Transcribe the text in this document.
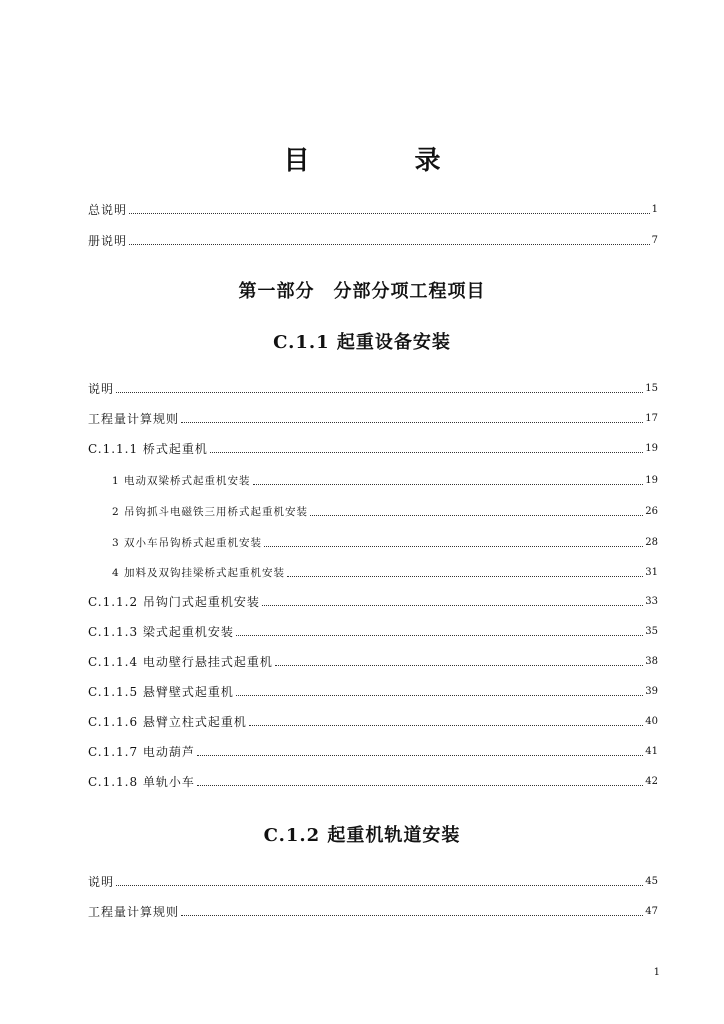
目 录
总说明	1
册说明	7
第一部分　分部分项工程项目
C.1.1 起重设备安装
说明	15
工程量计算规则	17
C.1.1.1 桥式起重机	19
1 电动双梁桥式起重机安装	19
2 吊钩抓斗电磁铁三用桥式起重机安装	26
3 双小车吊钩桥式起重机安装	28
4 加料及双钩挂梁桥式起重机安装	31
C.1.1.2 吊钩门式起重机安装	33
C.1.1.3 梁式起重机安装	35
C.1.1.4 电动壁行悬挂式起重机	38
C.1.1.5 悬臂壁式起重机	39
C.1.1.6 悬臂立柱式起重机	40
C.1.1.7 电动葫芦	41
C.1.1.8 单轨小车	42
C.1.2 起重机轨道安装
说明	45
工程量计算规则	47
1
